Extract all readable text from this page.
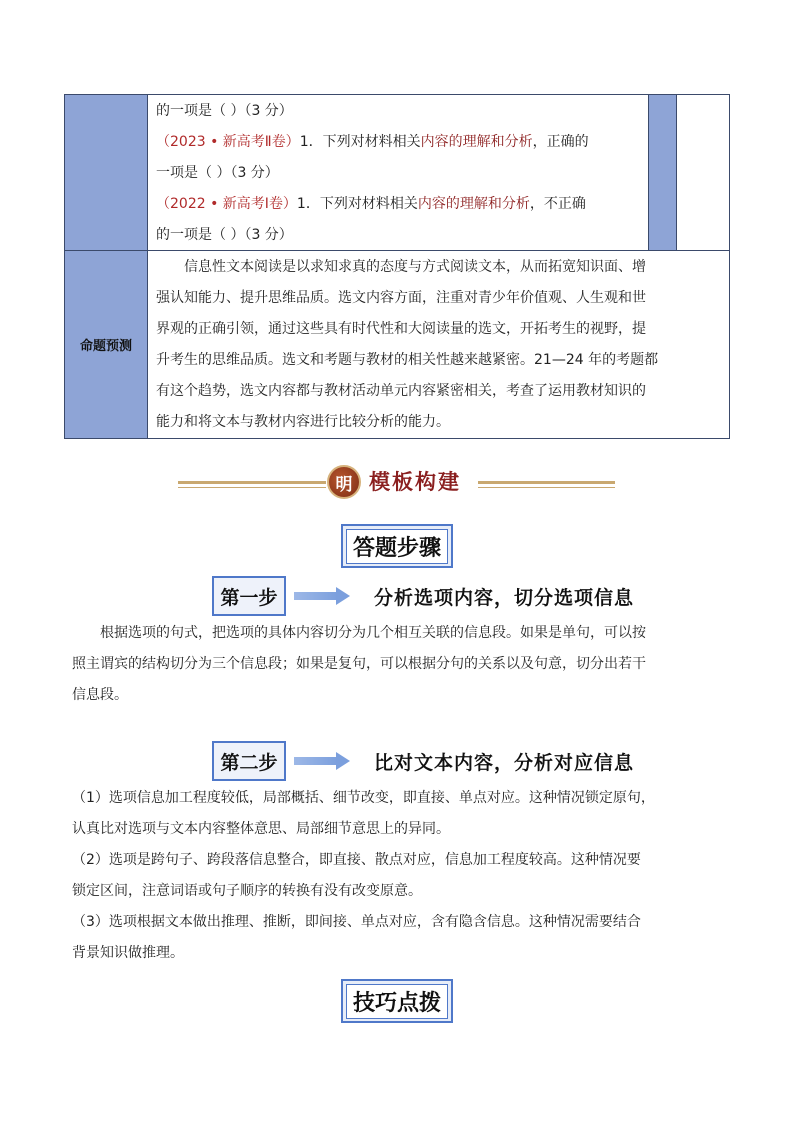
的一项是（ ）（3 分）
（2023 • 新高考Ⅱ卷）1．下列对材料相关内容的理解和分析，正确的
一项是（ ）（3 分）
（2022 • 新高考Ⅰ卷）1．下列对材料相关内容的理解和分析，不正确
的一项是（ ）（3 分）
命题预测
信息性文本阅读是以求知求真的态度与方式阅读文本，从而拓宽知识面、增
强认知能力、提升思维品质。选文内容方面，注重对青少年价值观、人生观和世
界观的正确引领，通过这些具有时代性和大阅读量的选文，开拓考生的视野，提
升考生的思维品质。选文和考题与教材的相关性越来越紧密。21—24 年的考题都
有这个趋势，选文内容都与教材活动单元内容紧密相关，考查了运用教材知识的
能力和将文本与教材内容进行比较分析的能力。
明 模板构建
答题步骤
第一步	分析选项内容，切分选项信息
根据选项的句式，把选项的具体内容切分为几个相互关联的信息段。如果是单句，可以按
照主谓宾的结构切分为三个信息段；如果是复句，可以根据分句的关系以及句意，切分出若干
信息段。
第二步	比对文本内容，分析对应信息
（1）选项信息加工程度较低，局部概括、细节改变，即直接、单点对应。这种情况锁定原句，
认真比对选项与文本内容整体意思、局部细节意思上的异同。
（2）选项是跨句子、跨段落信息整合，即直接、散点对应，信息加工程度较高。这种情况要
锁定区间，注意词语或句子顺序的转换有没有改变原意。
（3）选项根据文本做出推理、推断，即间接、单点对应，含有隐含信息。这种情况需要结合
背景知识做推理。
技巧点拨
